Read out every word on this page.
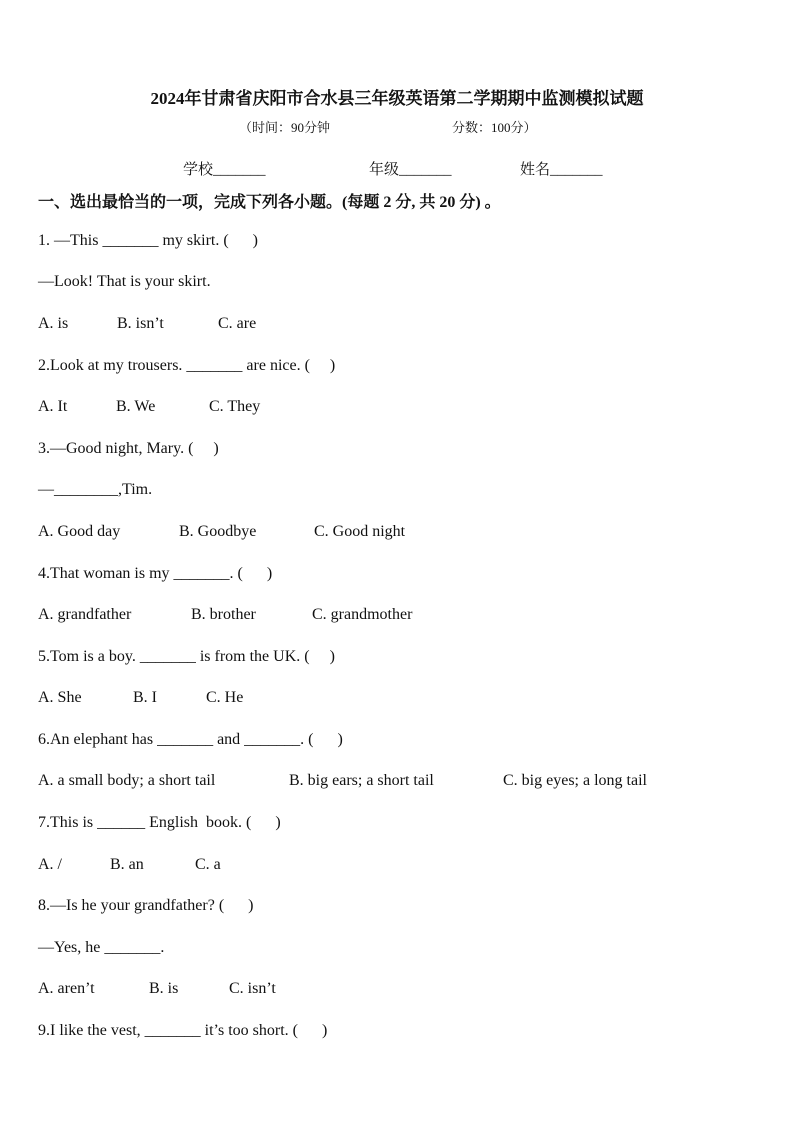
2024年甘肃省庆阳市合水县三年级英语第二学期期中监测模拟试题
（时间：90分钟	分数：100分）
学校_______	年级_______	姓名_______
一、选出最恰当的一项，完成下列各小题。(每题 2 分, 共 20 分) 。
1. —This _______ my skirt. (      )
—Look! That is your skirt.
A. is	B. isn’t	C. are
2.Look at my trousers. _______ are nice. (     )
A. It	B. We	C. They
3.—Good night, Mary. (     )
—________,Tim.
A. Good day	B. Goodbye	C. Good night
4.That woman is my _______. (      )
A. grandfather	B. brother	C. grandmother
5.Tom is a boy. _______ is from the UK. (     )
A. She	B. I	C. He
6.An elephant has _______ and _______. (      )
A. a small body; a short tail	B. big ears; a short tail	C. big eyes; a long tail
7.This is ______ English  book. (      )
A. /	B. an	C. a
8.—Is he your grandfather? (      )
—Yes, he _______.
A. aren’t	B. is	C. isn’t
9.I like the vest, _______ it’s too short. (      )
